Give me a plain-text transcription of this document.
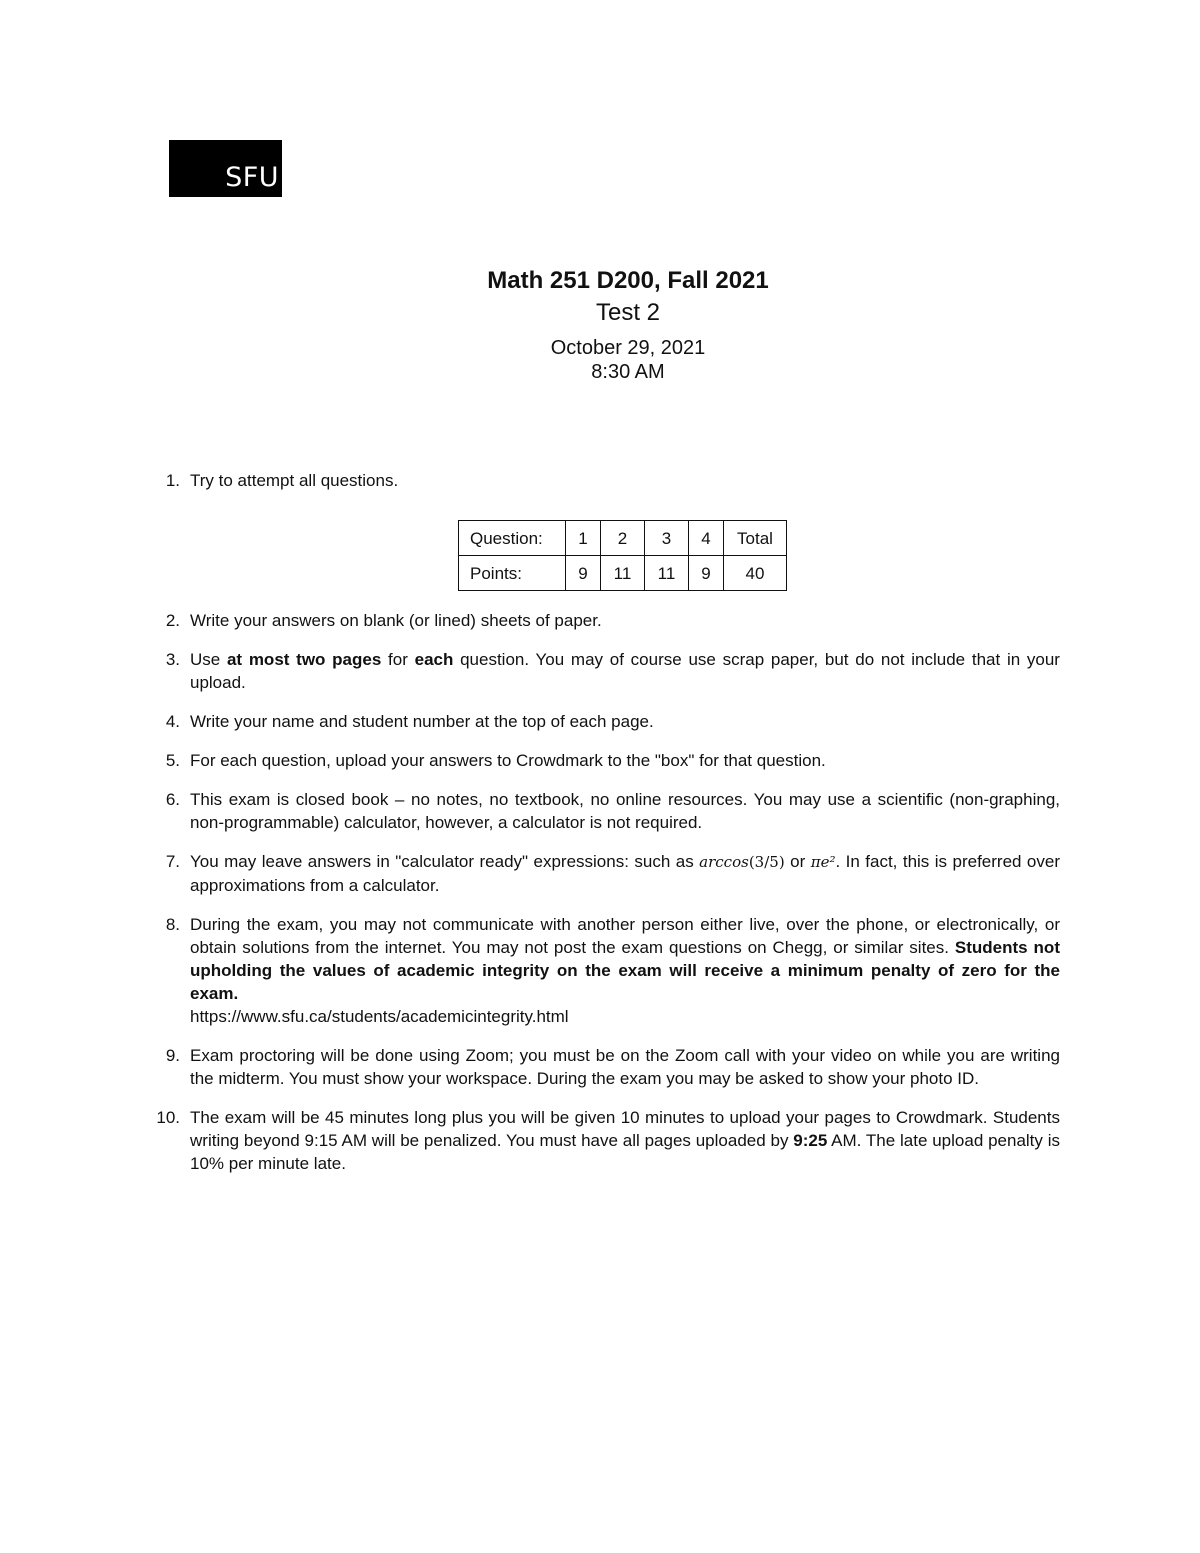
SFU
Math 251 D200, Fall 2021
Test 2
October 29, 2021
8:30 AM
1. Try to attempt all questions.
Question:	1	2	3	4	Total
Points:	9	11	11	9	40
2. Write your answers on blank (or lined) sheets of paper.
3. Use at most two pages for each question. You may of course use scrap paper, but do not include that in your upload.
4. Write your name and student number at the top of each page.
5. For each question, upload your answers to Crowdmark to the "box" for that question.
6. This exam is closed book – no notes, no textbook, no online resources. You may use a scientific (non-graphing, non-programmable) calculator, however, a calculator is not required.
7. You may leave answers in "calculator ready" expressions: such as arccos(3/5) or πe². In fact, this is preferred over approximations from a calculator.
8. During the exam, you may not communicate with another person either live, over the phone, or electronically, or obtain solutions from the internet. You may not post the exam questions on Chegg, or similar sites. Students not upholding the values of academic integrity on the exam will receive a minimum penalty of zero for the exam.
https://www.sfu.ca/students/academicintegrity.html
9. Exam proctoring will be done using Zoom; you must be on the Zoom call with your video on while you are writing the midterm. You must show your workspace. During the exam you may be asked to show your photo ID.
10. The exam will be 45 minutes long plus you will be given 10 minutes to upload your pages to Crowdmark. Students writing beyond 9:15 AM will be penalized. You must have all pages uploaded by 9:25 AM. The late upload penalty is 10% per minute late.
